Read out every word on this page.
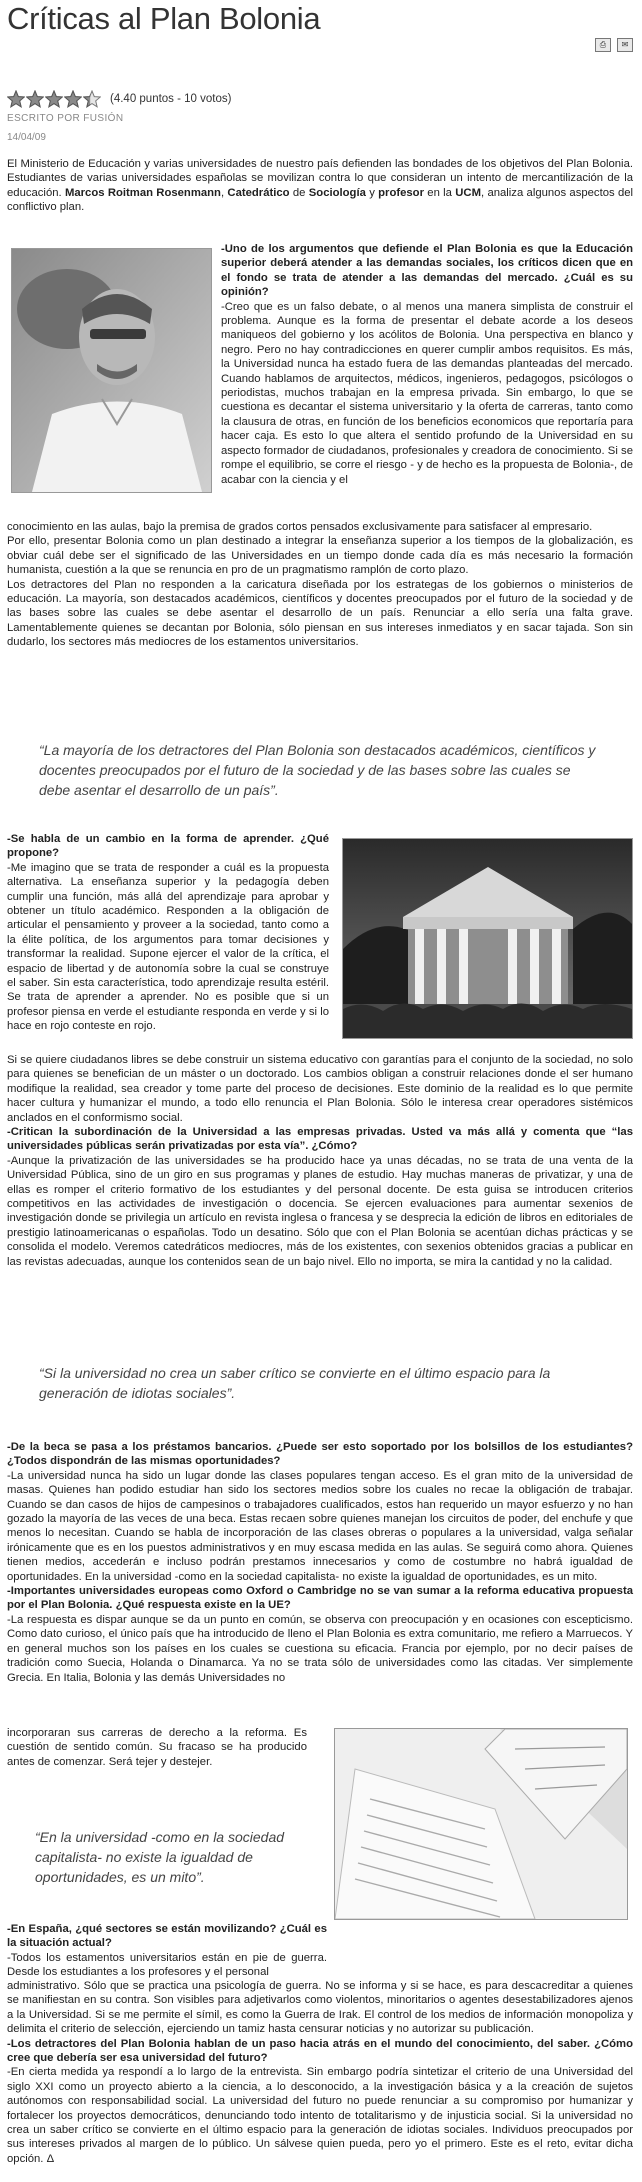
Críticas al Plan Bolonia
⎙	✉
(4.40 puntos - 10 votos)
ESCRITO POR FUSIÓN
14/04/09

El Ministerio de Educación y varias universidades de nuestro país defienden las bondades de los objetivos del Plan Bolonia. Estudiantes de varias universidades españolas se movilizan contra lo que consideran un intento de mercantilización de la educación. Marcos Roitman Rosenmann, Catedrático de Sociología y profesor en la UCM, analiza algunos aspectos del conflictivo plan.

-Uno de los argumentos que defiende el Plan Bolonia es que la Educación superior deberá atender a las demandas sociales, los críticos dicen que en el fondo se trata de atender a las demandas del mercado. ¿Cuál es su opinión?

-Creo que es un falso debate, o al menos una manera simplista de construir el problema. Aunque es la forma de presentar el debate acorde a los deseos maniqueos del gobierno y los acólitos de Bolonia. Una perspectiva en blanco y negro. Pero no hay contradicciones en querer cumplir ambos requisitos. Es más, la Universidad nunca ha estado fuera de las demandas planteadas del mercado. Cuando hablamos de arquitectos, médicos, ingenieros, pedagogos, psicólogos o periodistas, muchos trabajan en la empresa privada. Sin embargo, lo que se cuestiona es decantar el sistema universitario y la oferta de carreras, tanto como la clausura de otras, en función de los beneficios economicos que reportaría para hacer caja. Es esto lo que altera el sentido profundo de la Universidad en su aspecto formador de ciudadanos, profesionales y creadora de conocimiento. Si se rompe el equilibrio, se corre el riesgo - y de hecho es la propuesta de Bolonia-, de acabar con la ciencia y el

conocimiento en las aulas, bajo la premisa de grados cortos pensados exclusivamente para satisfacer al empresario.

Por ello, presentar Bolonia como un plan destinado a integrar la enseñanza superior a los tiempos de la globalización, es obviar cuál debe ser el significado de las Universidades en un tiempo donde cada día es más necesario la formación humanista, cuestión a la que se renuncia en pro de un pragmatismo ramplón de corto plazo.

Los detractores del Plan no responden a la caricatura diseñada por los estrategas de los gobiernos o ministerios de educación. La mayoría, son destacados académicos, científicos y docentes preocupados por el futuro de la sociedad y de las bases sobre las cuales se debe asentar el desarrollo de un país. Renunciar a ello sería una falta grave. Lamentablemente quienes se decantan por Bolonia, sólo piensan en sus intereses inmediatos y en sacar tajada. Son sin dudarlo, los sectores más mediocres de los estamentos universitarios.

“La mayoría de los detractores del Plan Bolonia son destacados académicos, científicos y docentes preocupados por el futuro de la sociedad y de las bases sobre las cuales se debe asentar el desarrollo de un país”.

-Se habla de un cambio en la forma de aprender. ¿Qué propone?

-Me imagino que se trata de responder a cuál es la propuesta alternativa. La enseñanza superior y la pedagogía deben cumplir una función, más allá del aprendizaje para aprobar y obtener un título académico. Responden a la obligación de articular el pensamiento y proveer a la sociedad, tanto como a la élite política, de los argumentos para tomar decisiones y transformar la realidad. Supone ejercer el valor de la crítica, el espacio de libertad y de autonomía sobre la cual se construye el saber. Sin esta característica, todo aprendizaje resulta estéril. Se trata de aprender a aprender. No es posible que si un profesor piensa en verde el estudiante responda en verde y si lo hace en rojo conteste en rojo.

Si se quiere ciudadanos libres se debe construir un sistema educativo con garantías para el conjunto de la sociedad, no solo para quienes se benefician de un máster o un doctorado. Los cambios obligan a construir relaciones donde el ser humano modifique la realidad, sea creador y tome parte del proceso de decisiones. Este dominio de la realidad es lo que permite hacer cultura y humanizar el mundo, a todo ello renuncia el Plan Bolonia. Sólo le interesa crear operadores sistémicos anclados en el conformismo social.

-Critican la subordinación de la Universidad a las empresas privadas. Usted va más allá y comenta que “las universidades públicas serán privatizadas por esta vía”. ¿Cómo?

-Aunque la privatización de las universidades se ha producido hace ya unas décadas, no se trata de una venta de la Universidad Pública, sino de un giro en sus programas y planes de estudio. Hay muchas maneras de privatizar, y una de ellas es romper el criterio formativo de los estudiantes y del personal docente. De esta guisa se introducen criterios competitivos en las actividades de investigación o docencia. Se ejercen evaluaciones para aumentar sexenios de investigación donde se privilegia un artículo en revista inglesa o francesa y se desprecia la edición de libros en editoriales de prestigio latinoamericanas o españolas. Todo un desatino. Sólo que con el Plan Bolonia se acentúan dichas prácticas y se consolida el modelo. Veremos catedráticos mediocres, más de los existentes, con sexenios obtenidos gracias a publicar en las revistas adecuadas, aunque los contenidos sean de un bajo nivel. Ello no importa, se mira la cantidad y no la calidad.

“Si la universidad no crea un saber crítico se convierte en el último espacio para la generación de idiotas sociales”.

-De la beca se pasa a los préstamos bancarios. ¿Puede ser esto soportado por los bolsillos de los estudiantes? ¿Todos dispondrán de las mismas oportunidades?

-La universidad nunca ha sido un lugar donde las clases populares tengan acceso. Es el gran mito de la universidad de masas. Quienes han podido estudiar han sido los sectores medios sobre los cuales no recae la obligación de trabajar. Cuando se dan casos de hijos de campesinos o trabajadores cualificados, estos han requerido un mayor esfuerzo y no han gozado la mayoría de las veces de una beca. Estas recaen sobre quienes manejan los circuitos de poder, del enchufe y que menos lo necesitan. Cuando se habla de incorporación de las clases obreras o populares a la universidad, valga señalar irónicamente que es en los puestos administrativos y en muy escasa medida en las aulas. Se seguirá como ahora. Quienes tienen medios, accederán e incluso podrán prestamos innecesarios y como de costumbre no habrá igualdad de oportunidades. En la universidad -como en la sociedad capitalista- no existe la igualdad de oportunidades, es un mito.

-Importantes universidades europeas como Oxford o Cambridge no se van sumar a la reforma educativa propuesta por el Plan Bolonia. ¿Qué respuesta existe en la UE?

-La respuesta es dispar aunque se da un punto en común, se observa con preocupación y en ocasiones con escepticismo. Como dato curioso, el único país que ha introducido de lleno el Plan Bolonia es extra comunitario, me refiero a Marruecos. Y en general muchos son los países en los cuales se cuestiona su eficacia. Francia por ejemplo, por no decir países de tradición como Suecia, Holanda o Dinamarca. Ya no se trata sólo de universidades como las citadas. Ver simplemente Grecia. En Italia, Bolonia y las demás Universidades no

incorporaran sus carreras de derecho a la reforma. Es cuestión de sentido común. Su fracaso se ha producido antes de comenzar. Será tejer y destejer.

“En la universidad -como en la sociedad capitalista- no existe la igualdad de oportunidades, es un mito”.

-En España, ¿qué sectores se están movilizando? ¿Cuál es la situación actual?

-Todos los estamentos universitarios están en pie de guerra. Desde los estudiantes a los profesores y el personal

administrativo. Sólo que se practica una psicología de guerra. No se informa y si se hace, es para descacreditar a quienes se manifiestan en su contra. Son visibles para adjetivarlos como violentos, minoritarios o agentes desestabilizadores ajenos a la Universidad. Si se me permite el símil, es como la Guerra de Irak. El control de los medios de información monopoliza y delimita el criterio de selección, ejerciendo un tamiz hasta censurar noticias y no autorizar su publicación.

-Los detractores del Plan Bolonia hablan de un paso hacia atrás en el mundo del conocimiento, del saber. ¿Cómo cree que debería ser esa universidad del futuro?

-En cierta medida ya respondí a lo largo de la entrevista. Sin embargo podría sintetizar el criterio de una Universidad del siglo XXI como un proyecto abierto a la ciencia, a lo desconocido, a la investigación básica y a la creación de sujetos autónomos con responsabilidad social. La universidad del futuro no puede renunciar a su compromiso por humanizar y fortalecer los proyectos democráticos, denunciando todo intento de totalitarismo y de injusticia social. Si la universidad no crea un saber crítico se convierte en el último espacio para la generación de idiotas sociales. Individuos preocupados por sus intereses privados al margen de lo público. Un sálvese quien pueda, pero yo el primero. Este es el reto, evitar dicha opción. Δ
